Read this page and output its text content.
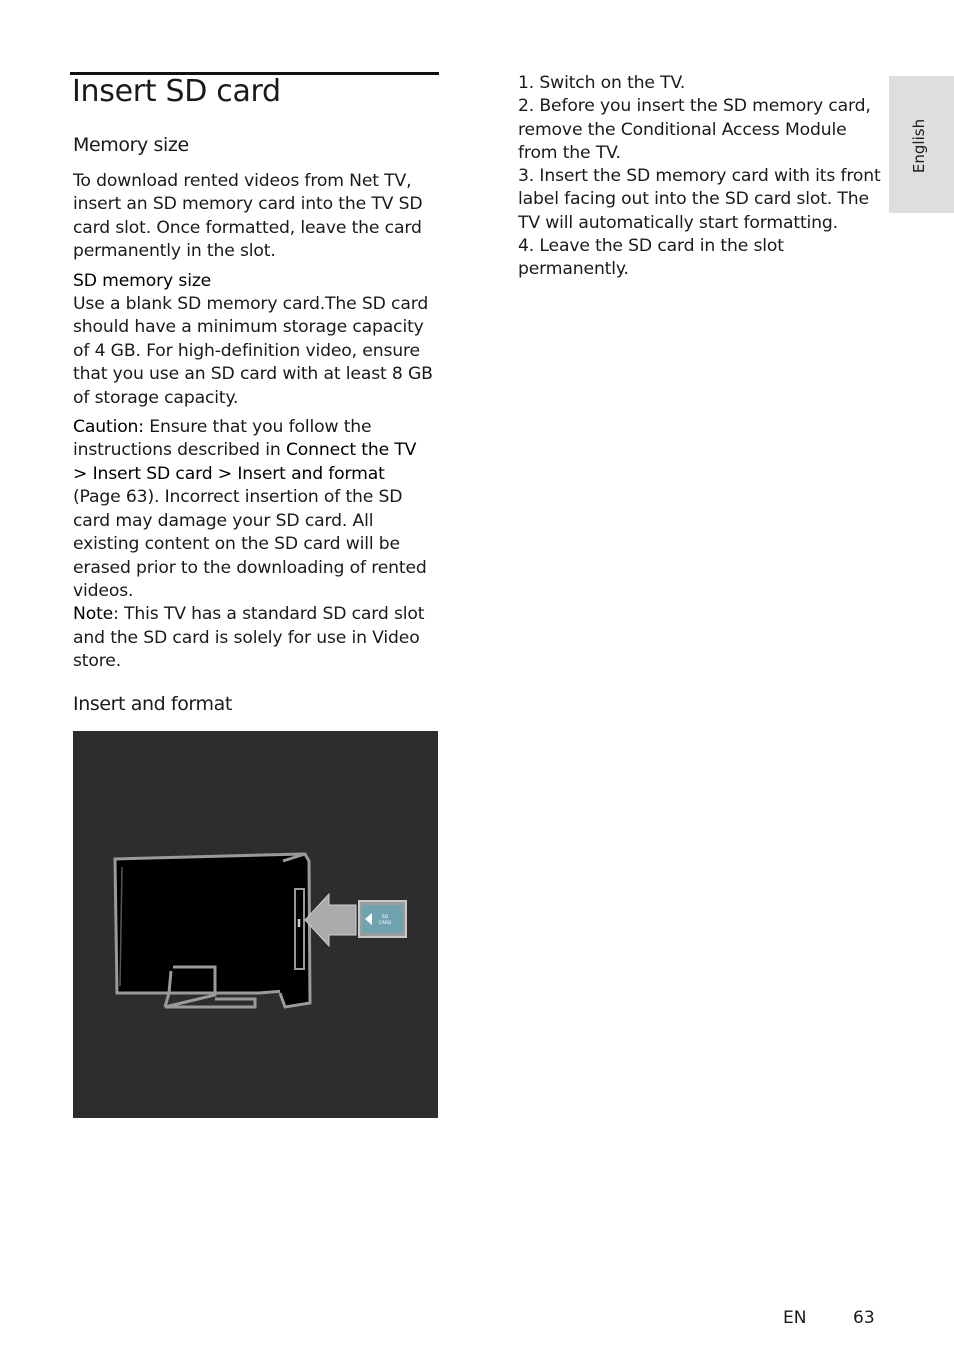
Insert SD card
Memory size

To download rented videos from Net TV, insert an SD memory card into the TV SD card slot. Once formatted, leave the card permanently in the slot.

SD memory size

Use a blank SD memory card.The SD card should have a minimum storage capacity of 4 GB. For high-definition video, ensure that you use an SD card with at least 8 GB of storage capacity.

Caution: Ensure that you follow the instructions described in Connect the TV > Insert SD card > Insert and format (Page 63). Incorrect insertion of the SD card may damage your SD card. All existing content on the SD card will be erased prior to the downloading of rented videos.

Note: This TV has a standard SD card slot and the SD card is solely for use in Video store.

Insert and format
SD
CARD
English
1. Switch on the TV.
2. Before you insert the SD memory card, remove the Conditional Access Module from the TV.
3. Insert the SD memory card with its front label facing out into the SD card slot. The TV will automatically start formatting.
4. Leave the SD card in the slot permanently.
EN	63
